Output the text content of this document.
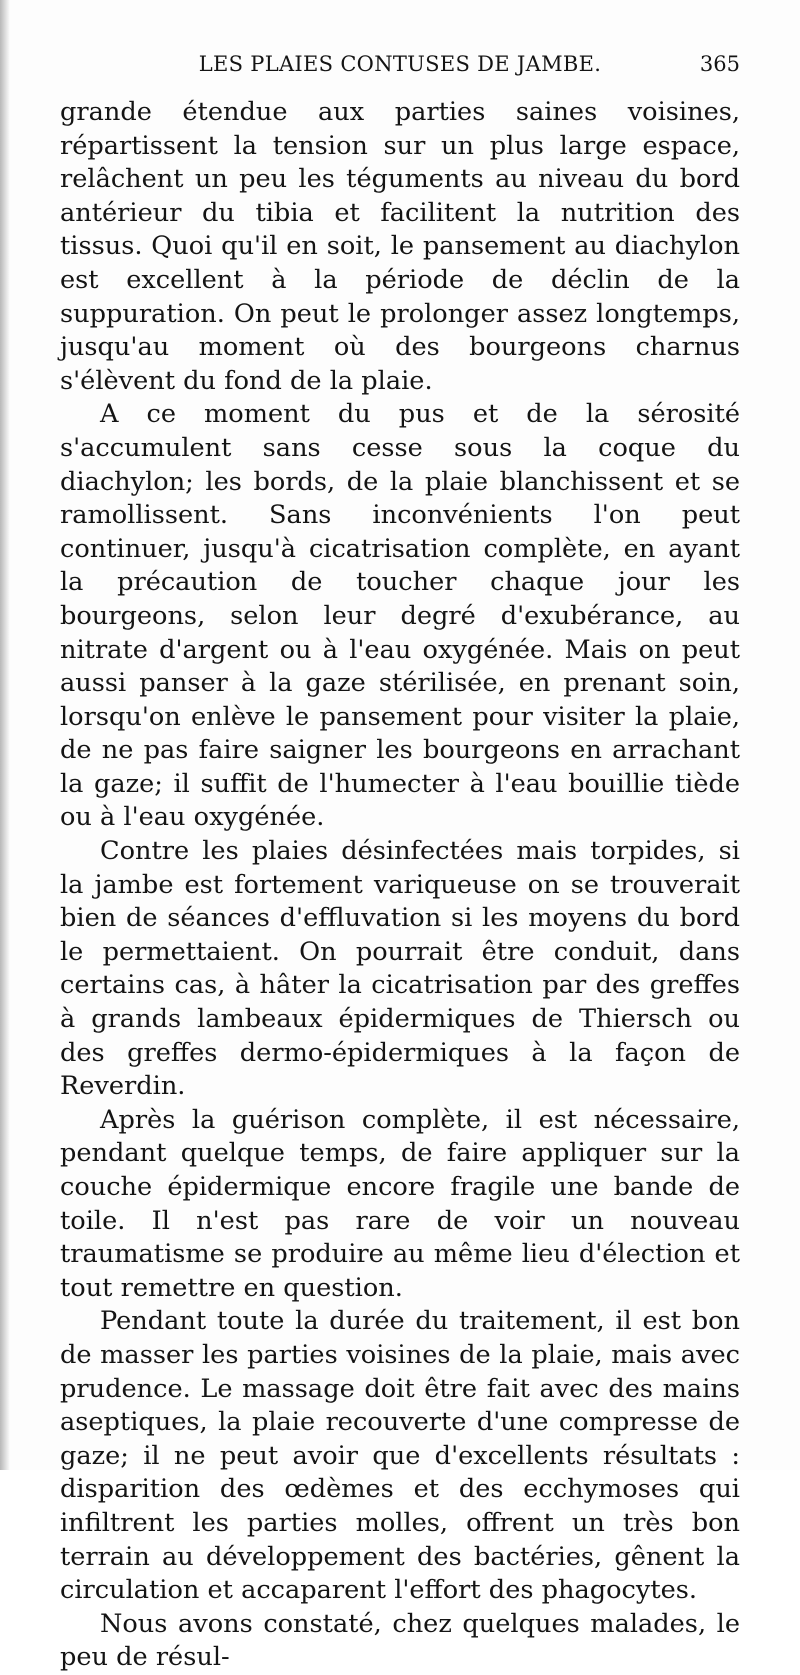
LES PLAIES CONTUSES DE JAMBE.	365

grande étendue aux parties saines voisines, répartissent la tension sur un plus large espace, relâchent un peu les téguments au niveau du bord antérieur du tibia et facilitent la nutrition des tissus. Quoi qu'il en soit, le pansement au diachylon est excellent à la période de déclin de la suppuration. On peut le prolonger assez longtemps, jusqu'au moment où des bourgeons charnus s'élèvent du fond de la plaie.

A ce moment du pus et de la sérosité s'accumulent sans cesse sous la coque du diachylon; les bords, de la plaie blanchissent et se ramollissent. Sans inconvénients l'on peut continuer, jusqu'à cicatrisation complète, en ayant la précaution de toucher chaque jour les bourgeons, selon leur degré d'exubérance, au nitrate d'argent ou à l'eau oxygénée. Mais on peut aussi panser à la gaze stérilisée, en prenant soin, lorsqu'on enlève le pansement pour visiter la plaie, de ne pas faire saigner les bourgeons en arrachant la gaze; il suffit de l'humecter à l'eau bouillie tiède ou à l'eau oxygénée.

Contre les plaies désinfectées mais torpides, si la jambe est fortement variqueuse on se trouverait bien de séances d'effluvation si les moyens du bord le permettaient. On pourrait être conduit, dans certains cas, à hâter la cicatrisation par des greffes à grands lambeaux épidermiques de Thiersch ou des greffes dermo-épidermiques à la façon de Reverdin.

Après la guérison complète, il est nécessaire, pendant quelque temps, de faire appliquer sur la couche épidermique encore fragile une bande de toile. Il n'est pas rare de voir un nouveau traumatisme se produire au même lieu d'élection et tout remettre en question.

Pendant toute la durée du traitement, il est bon de masser les parties voisines de la plaie, mais avec prudence. Le massage doit être fait avec des mains aseptiques, la plaie recouverte d'une compresse de gaze; il ne peut avoir que d'excellents résultats : disparition des œdèmes et des ecchymoses qui infiltrent les parties molles, offrent un très bon terrain au développement des bactéries, gênent la circulation et accaparent l'effort des phagocytes.

Nous avons constaté, chez quelques malades, le peu de résul-
